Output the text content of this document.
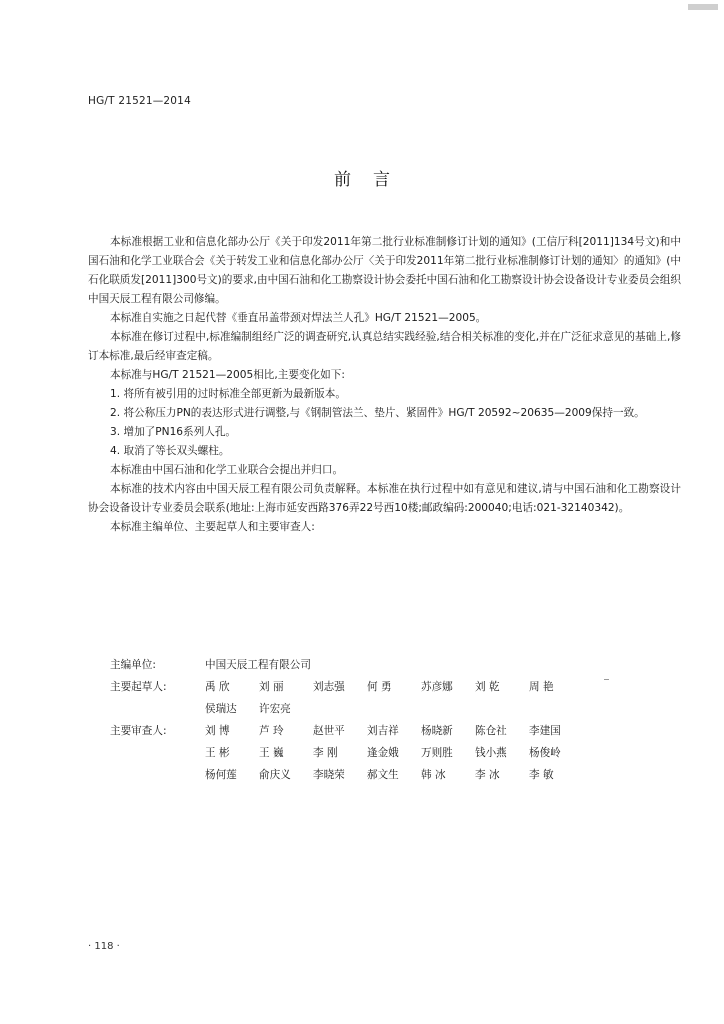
HG/T 21521—2014
前言

本标准根据工业和信息化部办公厅《关于印发2011年第二批行业标准制修订计划的通知》(工信厅科[2011]134号文)和中国石油和化学工业联合会《关于转发工业和信息化部办公厅〈关于印发2011年第二批行业标准制修订计划的通知〉的通知》(中石化联质发[2011]300号文)的要求,由中国石油和化工勘察设计协会委托中国石油和化工勘察设计协会设备设计专业委员会组织中国天辰工程有限公司修编。

本标准自实施之日起代替《垂直吊盖带颈对焊法兰人孔》HG/T 21521—2005。

本标准在修订过程中,标准编制组经广泛的调查研究,认真总结实践经验,结合相关标准的变化,并在广泛征求意见的基础上,修订本标准,最后经审查定稿。

本标准与HG/T 21521—2005相比,主要变化如下:

1. 将所有被引用的过时标准全部更新为最新版本。

2. 将公称压力PN的表达形式进行调整,与《钢制管法兰、垫片、紧固件》HG/T 20592~20635—2009保持一致。

3. 增加了PN16系列人孔。

4. 取消了等长双头螺柱。

本标准由中国石油和化学工业联合会提出并归口。

本标准的技术内容由中国天辰工程有限公司负责解释。本标准在执行过程中如有意见和建议,请与中国石油和化工勘察设计协会设备设计专业委员会联系(地址:上海市延安西路376弄22号西10楼;邮政编码:200040;电话:021-32140342)。

本标准主编单位、主要起草人和主要审查人:

主编单位:	中国天辰工程有限公司
主要起草人:	禹 欣	刘 丽	刘志强 何 勇	苏彦娜 刘 乾	周 艳
侯瑞达 许宏亮
主要审查人:	刘 博	芦 玲	赵世平 刘吉祥 杨晓新 陈仓社 李建国
王 彬	王 巍	李 刚	逢金娥 万则胜 钱小燕 杨俊岭
杨何莲 俞庆义 李晓荣 郝文生 韩 冰	李 冰	李 敏
· 118 ·
